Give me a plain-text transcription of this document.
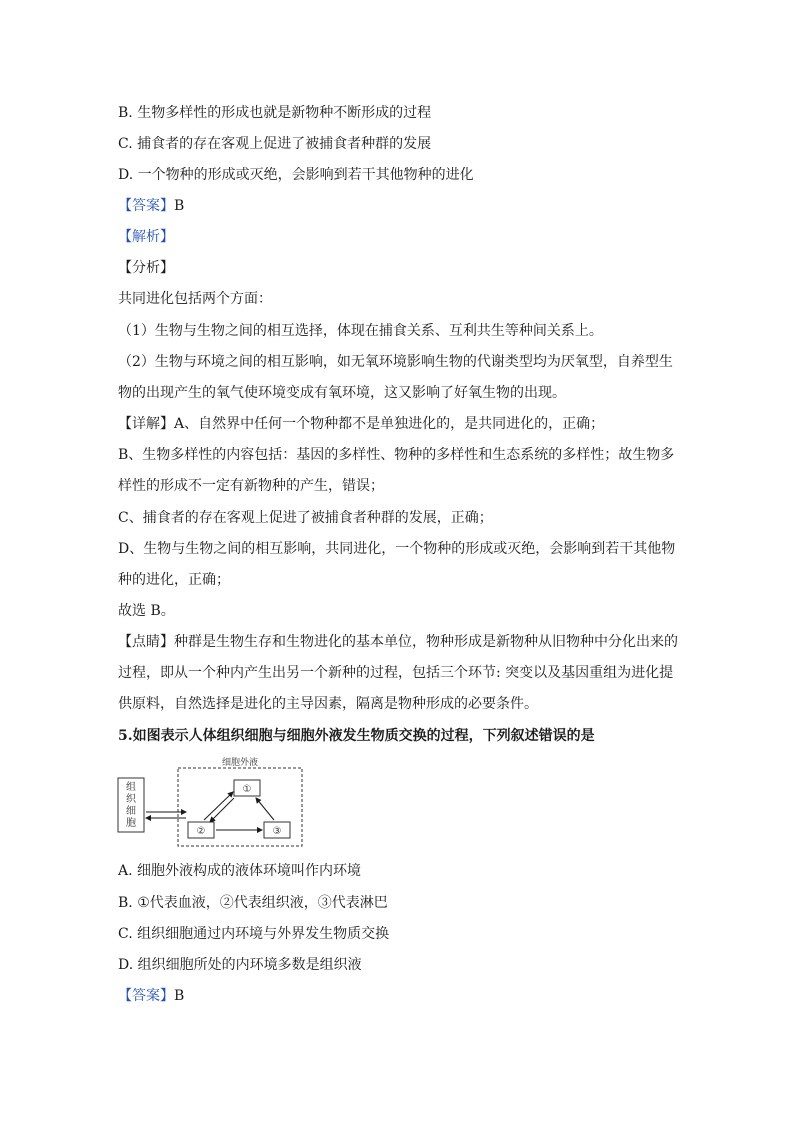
B. 生物多样性的形成也就是新物种不断形成的过程
C. 捕食者的存在客观上促进了被捕食者种群的发展
D. 一个物种的形成或灭绝，会影响到若干其他物种的进化
【答案】B
【解析】
【分析】
共同进化包括两个方面：
（1）生物与生物之间的相互选择，体现在捕食关系、互利共生等种间关系上。
（2）生物与环境之间的相互影响，如无氧环境影响生物的代谢类型均为厌氧型，自养型生
物的出现产生的氧气使环境变成有氧环境，这又影响了好氧生物的出现。
【详解】A、自然界中任何一个物种都不是单独进化的，是共同进化的，正确；
B、生物多样性的内容包括：基因的多样性、物种的多样性和生态系统的多样性；故生物多
样性的形成不一定有新物种的产生，错误；
C、捕食者的存在客观上促进了被捕食者种群的发展，正确；
D、生物与生物之间的相互影响，共同进化，一个物种的形成或灭绝，会影响到若干其他物
种的进化，正确；
故选 B。
【点睛】种群是生物生存和生物进化的基本单位，物种形成是新物种从旧物种中分化出来的
过程，即从一个种内产生出另一个新种的过程，包括三个环节: 突变以及基因重组为进化提
供原料，自然选择是进化的主导因素，隔离是物种形成的必要条件。
5.如图表示人体组织细胞与细胞外液发生物质交换的过程，下列叙述错误的是
细胞外液
组
织
细
胞
①
②	③
A. 细胞外液构成的液体环境叫作内环境
B. ①代表血液，②代表组织液，③代表淋巴
C. 组织细胞通过内环境与外界发生物质交换
D. 组织细胞所处的内环境多数是组织液
【答案】B
